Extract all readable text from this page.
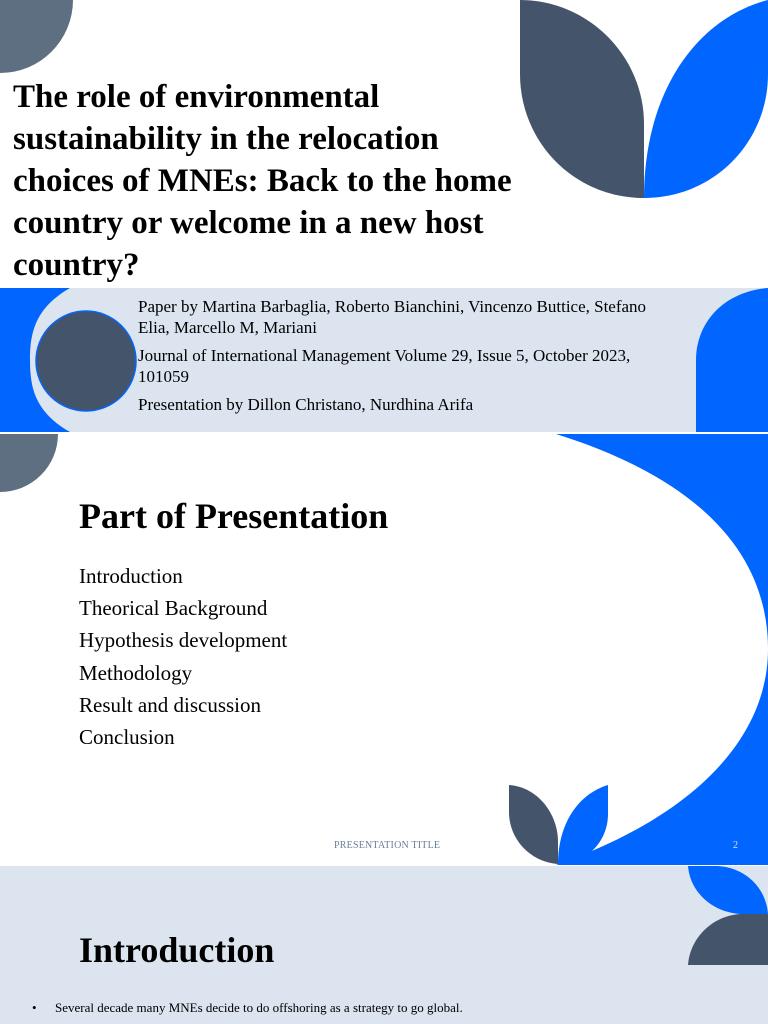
The role of environmental sustainability in the relocation choices of MNEs: Back to the home country or welcome in a new host country?

Paper by Martina Barbaglia, Roberto Bianchini, Vincenzo Buttice, Stefano Elia, Marcello M, Mariani

Journal of International Management Volume 29, Issue 5, October 2023, 101059

Presentation by Dillon Christano, Nurdhina Arifa

Part of Presentation
Introduction
Theorical Background
Hypothesis development
Methodology
Result and discussion
Conclusion
PRESENTATION TITLE	2
Introduction
•	Several decade many MNEs decide to do offshoring as a strategy to go global.
